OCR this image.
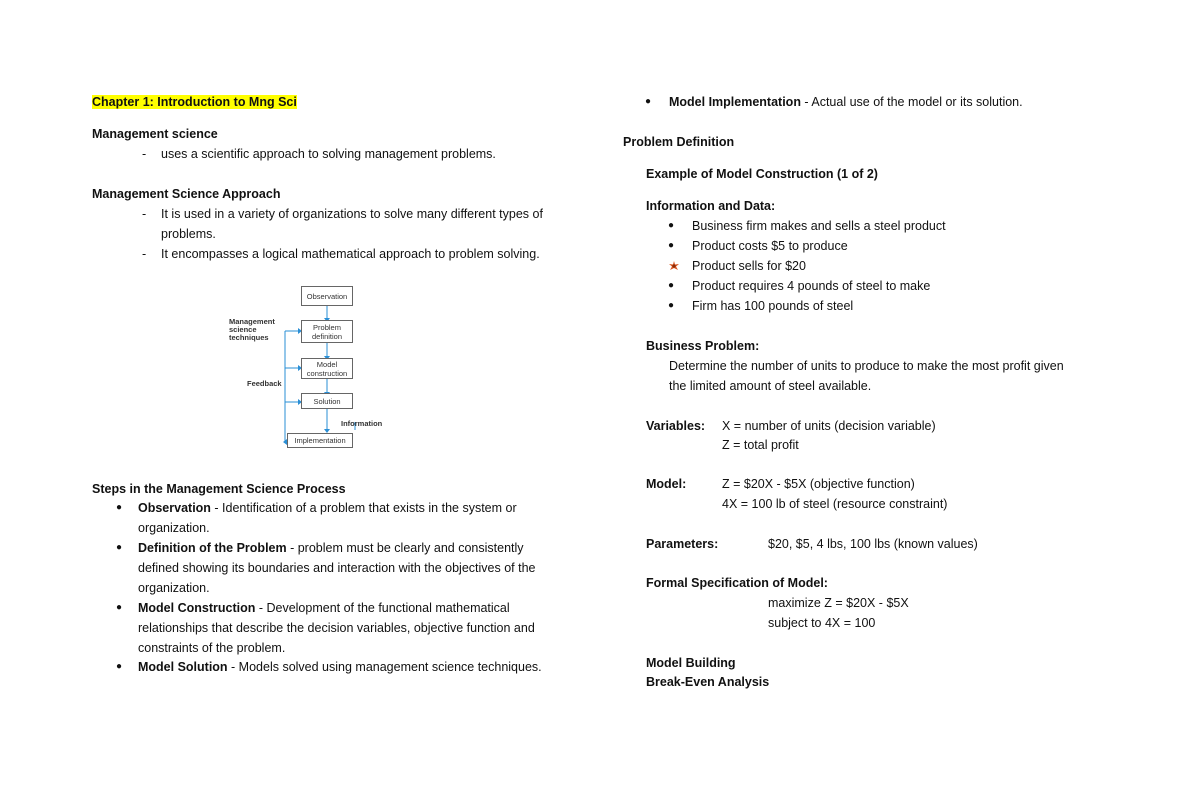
Chapter 1: Introduction to Mng Sci
Management science
- uses a scientific approach to solving management problems.
Management Science Approach
- It is used in a variety of organizations to solve many different types of
problems.
- It encompasses a logical mathematical approach to problem solving.
Observation
Problem definition
Model construction
Solution
Implementation
Management science techniques
Feedback
Information
Steps in the Management Science Process
● Observation - Identification of a problem that exists in the system or
organization.
● Definition of the Problem - problem must be clearly and consistently
defined showing its boundaries and interaction with the objectives of the
organization.
● Model Construction - Development of the functional mathematical
relationships that describe the decision variables, objective function and
constraints of the problem.
● Model Solution - Models solved using management science techniques.
● Model Implementation - Actual use of the model or its solution.
Problem Definition
Example of Model Construction (1 of 2)
Information and Data:
● Business firm makes and sells a steel product
● Product costs $5 to produce
Product sells for $20
● Product requires 4 pounds of steel to make
● Firm has 100 pounds of steel
Business Problem:
Determine the number of units to produce to make the most profit given
the limited amount of steel available.
Variables: X = number of units (decision variable)
Z = total profit
Model:	Z = $20X - $5X (objective function)
4X = 100 lb of steel (resource constraint)
Parameters:	$20, $5, 4 lbs, 100 lbs (known values)
Formal Specification of Model:
maximize Z = $20X - $5X
subject to 4X = 100
Model Building
Break-Even Analysis
